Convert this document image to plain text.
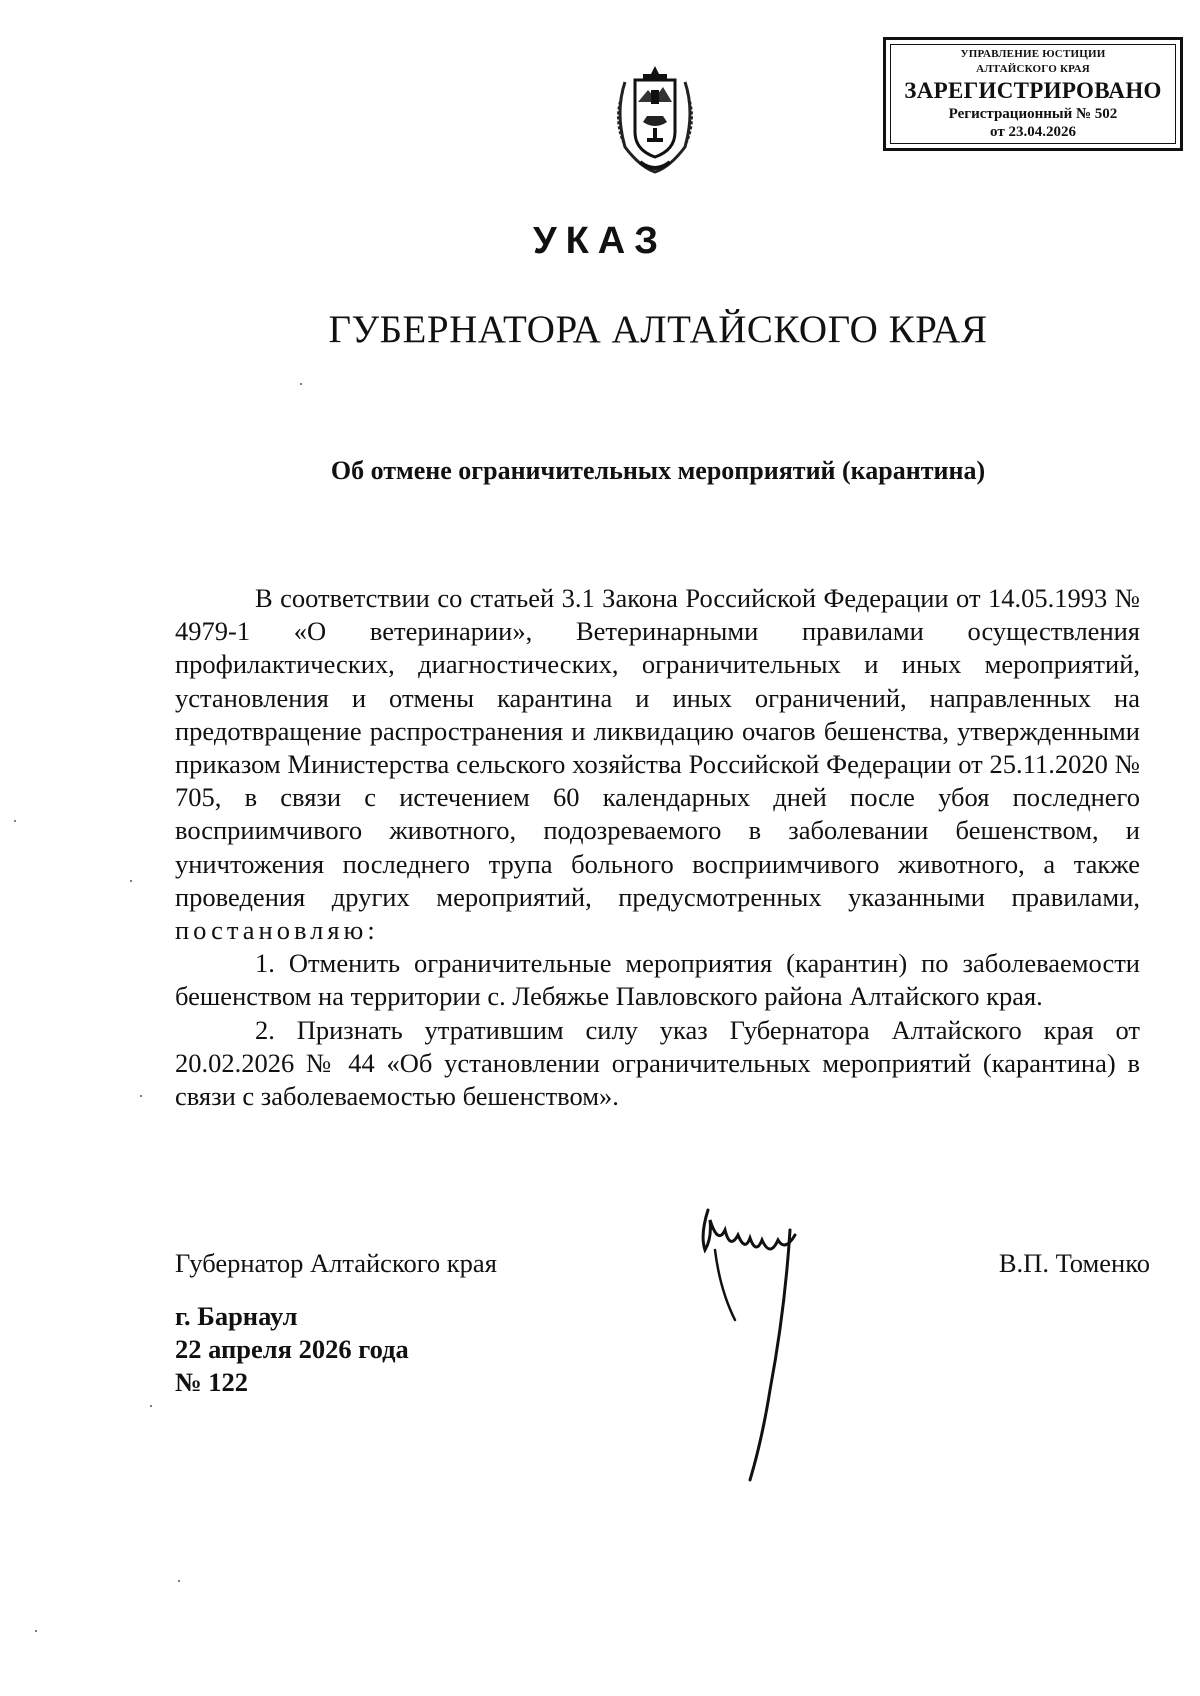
УПРАВЛЕНИЕ ЮСТИЦИИ
АЛТАЙСКОГО КРАЯ
ЗАРЕГИСТРИРОВАНО
Регистрационный № 502
от 23.04.2026
УКАЗ
ГУБЕРНАТОРА АЛТАЙСКОГО КРАЯ
Об отмене ограничительных мероприятий (карантина)

В соответствии со статьей 3.1 Закона Российской Федерации от 14.05.1993 № 4979-1 «О ветеринарии», Ветеринарными правилами осуществления профилактических, диагностических, ограничительных и иных мероприятий, установления и отмены карантина и иных ограничений, направленных на предотвращение распространения и ликвидацию очагов бешенства, утвержденными приказом Министерства сельского хозяйства Российской Федерации от 25.11.2020 № 705, в связи с истечением 60 календарных дней после убоя последнего восприимчивого животного, подозреваемого в заболевании бешенством, и уничтожения последнего трупа больного восприимчивого животного, а также проведения других мероприятий, предусмотренных указанными правилами, постановляю:

1. Отменить ограничительные мероприятия (карантин) по заболеваемости бешенством на территории с. Лебяжье Павловского района Алтайского края.

2. Признать утратившим силу указ Губернатора Алтайского края от 20.02.2026 № 44 «Об установлении ограничительных мероприятий (карантина) в связи с заболеваемостью бешенством».

Губернатор Алтайского края	В.П. Томенко
г. Барнаул
22 апреля 2026 года
№ 122
